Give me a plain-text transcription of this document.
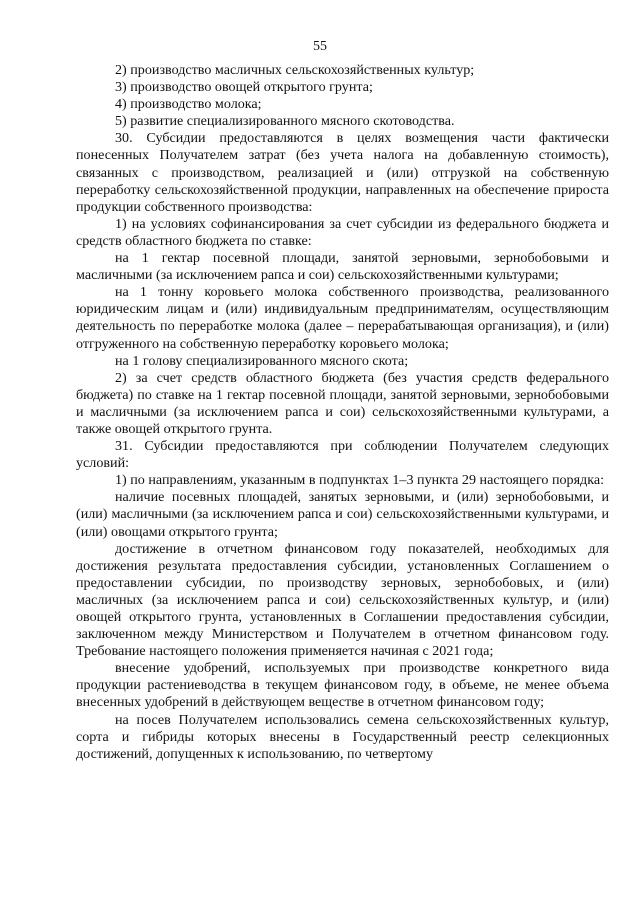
55

2) производство масличных сельскохозяйственных культур;

3) производство овощей открытого грунта;

4) производство молока;

5) развитие специализированного мясного скотоводства.

30. Субсидии предоставляются в целях возмещения части фактически понесенных Получателем затрат (без учета налога на добавленную стоимость), связанных с производством, реализацией и (или) отгрузкой на собственную переработку сельскохозяйственной продукции, направленных на обеспечение прироста продукции собственного производства:

1) на условиях софинансирования за счет субсидии из федерального бюджета и средств областного бюджета по ставке:

на 1 гектар посевной площади, занятой зерновыми, зернобобовыми и масличными (за исключением рапса и сои) сельскохозяйственными культурами;

на 1 тонну коровьего молока собственного производства, реализованного юридическим лицам и (или) индивидуальным предпринимателям, осуществляющим деятельность по переработке молока (далее – перерабатывающая организация), и (или) отгруженного на собственную переработку коровьего молока;

на 1 голову специализированного мясного скота;

2) за счет средств областного бюджета (без участия средств федерального бюджета) по ставке на 1 гектар посевной площади, занятой зерновыми, зернобобовыми и масличными (за исключением рапса и сои) сельскохозяйственными культурами, а также овощей открытого грунта.

31. Субсидии предоставляются при соблюдении Получателем следующих условий:

1) по направлениям, указанным в подпунктах 1–3 пункта 29 настоящего порядка:

наличие посевных площадей, занятых зерновыми, и (или) зернобобовыми, и (или) масличными (за исключением рапса и сои) сельскохозяйственными культурами, и (или) овощами открытого грунта;

достижение в отчетном финансовом году показателей, необходимых для достижения результата предоставления субсидии, установленных Соглашением о предоставлении субсидии, по производству зерновых, зернобобовых, и (или) масличных (за исключением рапса и сои) сельскохозяйственных культур, и (или) овощей открытого грунта, установленных в Соглашении предоставления субсидии, заключенном между Министерством и Получателем в отчетном финансовом году. Требование настоящего положения применяется начиная с 2021 года;

внесение удобрений, используемых при производстве конкретного вида продукции растениеводства в текущем финансовом году, в объеме, не менее объема внесенных удобрений в действующем веществе в отчетном финансовом году;

на посев Получателем использовались семена сельскохозяйственных культур, сорта и гибриды которых внесены в Государственный реестр селекционных достижений, допущенных к использованию, по четвертому
